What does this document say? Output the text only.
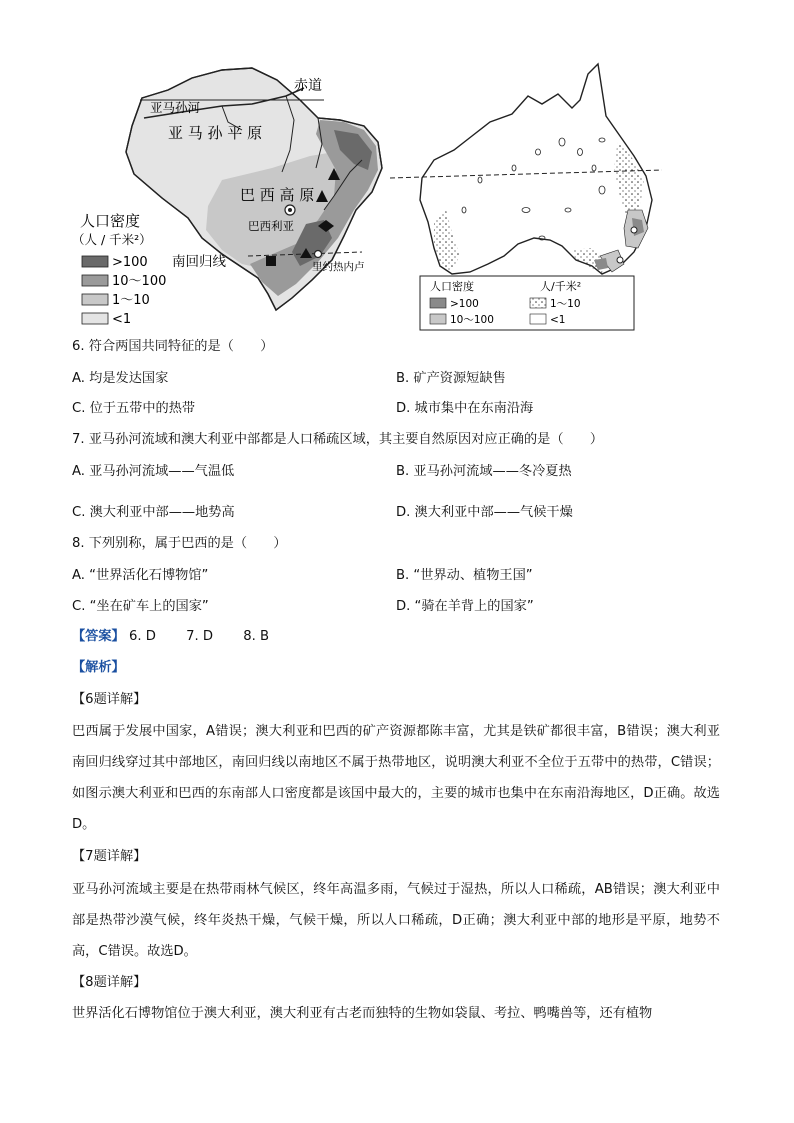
赤道
亚马孙河
亚 马 孙 平 原
巴 西 高 原
巴西利亚
南回归线	里约热内卢
人口密度
（人 / 千米²）
>100
10～100
1～10
<1
人口密度	人/千米²
>100	1～10
10～100	<1
6. 符合两国共同特征的是（　　）
A. 均是发达国家	B. 矿产资源短缺售
C. 位于五带中的热带	D. 城市集中在东南沿海
7. 亚马孙河流域和澳大利亚中部都是人口稀疏区域，其主要自然原因对应正确的是（　　）
A. 亚马孙河流域——气温低	B. 亚马孙河流域——冬冷夏热
C. 澳大利亚中部——地势高	D. 澳大利亚中部——气候干燥
8. 下列别称，属于巴西的是（　　）
A. “世界活化石博物馆”	B. “世界动、植物王国”
C. “坐在矿车上的国家”	D. “骑在羊背上的国家”
【答案】 6. D 7. D 8. B
【解析】
【6题详解】
巴西属于发展中国家，A错误；澳大利亚和巴西的矿产资源都陈丰富，尤其是铁矿都很丰富，B错误；澳大利亚南回归线穿过其中部地区，南回归线以南地区不属于热带地区，说明澳大利亚不全位于五带中的热带，C错误；如图示澳大利亚和巴西的东南部人口密度都是该国中最大的，主要的城市也集中在东南沿海地区，D正确。故选D。
【7题详解】
亚马孙河流域主要是在热带雨林气候区，终年高温多雨，气候过于湿热，所以人口稀疏，AB错误；澳大利亚中部是热带沙漠气候，终年炎热干燥，气候干燥，所以人口稀疏，D正确；澳大利亚中部的地形是平原，地势不高，C错误。故选D。
【8题详解】
世界活化石博物馆位于澳大利亚，澳大利亚有古老而独特的生物如袋鼠、考拉、鸭嘴兽等，还有植物
